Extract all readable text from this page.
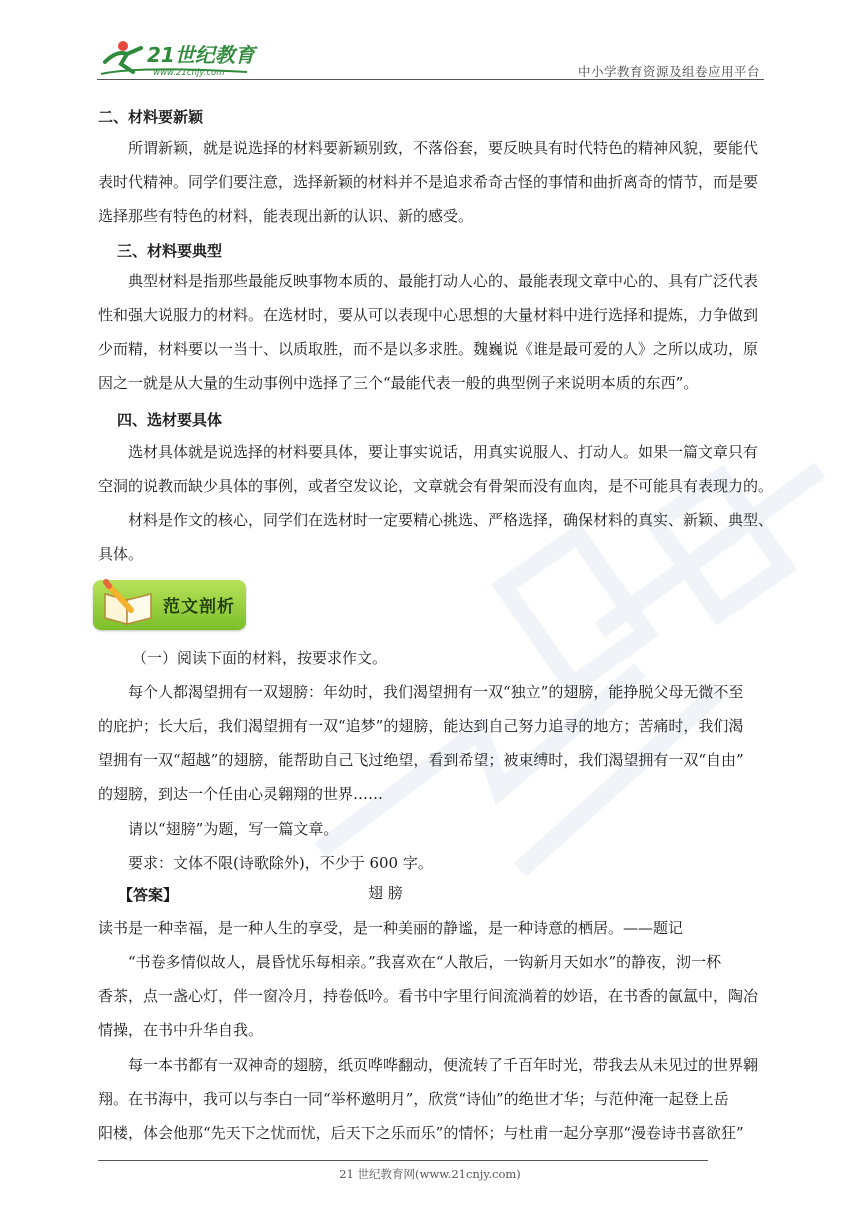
21世纪教育
www.21cnjy.com	中小学教育资源及组卷应用平台
二、材料要新颖
所谓新颖，就是说选择的材料要新颖别致，不落俗套，要反映具有时代特色的精神风貌，要能代
表时代精神。同学们要注意，选择新颖的材料并不是追求希奇古怪的事情和曲折离奇的情节，而是要
选择那些有特色的材料，能表现出新的认识、新的感受。
三、材料要典型
典型材料是指那些最能反映事物本质的、最能打动人心的、最能表现文章中心的、具有广泛代表
性和强大说服力的材料。在选材时，要从可以表现中心思想的大量材料中进行选择和提炼，力争做到
少而精，材料要以一当十、以质取胜，而不是以多求胜。魏巍说《谁是最可爱的人》之所以成功，原
因之一就是从大量的生动事例中选择了三个“最能代表一般的典型例子来说明本质的东西”。
四、选材要具体
选材具体就是说选择的材料要具体，要让事实说话，用真实说服人、打动人。如果一篇文章只有
空洞的说教而缺少具体的事例，或者空发议论，文章就会有骨架而没有血肉，是不可能具有表现力的。
材料是作文的核心，同学们在选材时一定要精心挑选、严格选择，确保材料的真实、新颖、典型、
具体。
范文剖析
（一）阅读下面的材料，按要求作文。
每个人都渴望拥有一双翅膀：年幼时，我们渴望拥有一双“独立”的翅膀，能挣脱父母无微不至
的庇护；长大后，我们渴望拥有一双“追梦”的翅膀，能达到自己努力追寻的地方；苦痛时，我们渴
望拥有一双“超越”的翅膀，能帮助自己飞过绝望，看到希望；被束缚时，我们渴望拥有一双“自由”
的翅膀，到达一个任由心灵翱翔的世界……
请以“翅膀”为题，写一篇文章。
要求：文体不限(诗歌除外)，不少于 600 字。
【答案】	翅 膀
读书是一种幸福，是一种人生的享受，是一种美丽的静谧，是一种诗意的栖居。——题记
“书卷多情似故人，晨昏忧乐每相亲。”我喜欢在“人散后，一钩新月天如水”的静夜，沏一杯
香茶，点一盏心灯，伴一窗冷月，持卷低吟。看书中字里行间流淌着的妙语，在书香的氤氲中，陶冶
情操，在书中升华自我。
每一本书都有一双神奇的翅膀，纸页哗哗翻动，便流转了千百年时光，带我去从未见过的世界翱
翔。在书海中，我可以与李白一同“举杯邀明月”，欣赏“诗仙”的绝世才华；与范仲淹一起登上岳
阳楼，体会他那“先天下之忧而忧，后天下之乐而乐”的情怀；与杜甫一起分享那“漫卷诗书喜欲狂”
21 世纪教育网(www.21cnjy.com)
